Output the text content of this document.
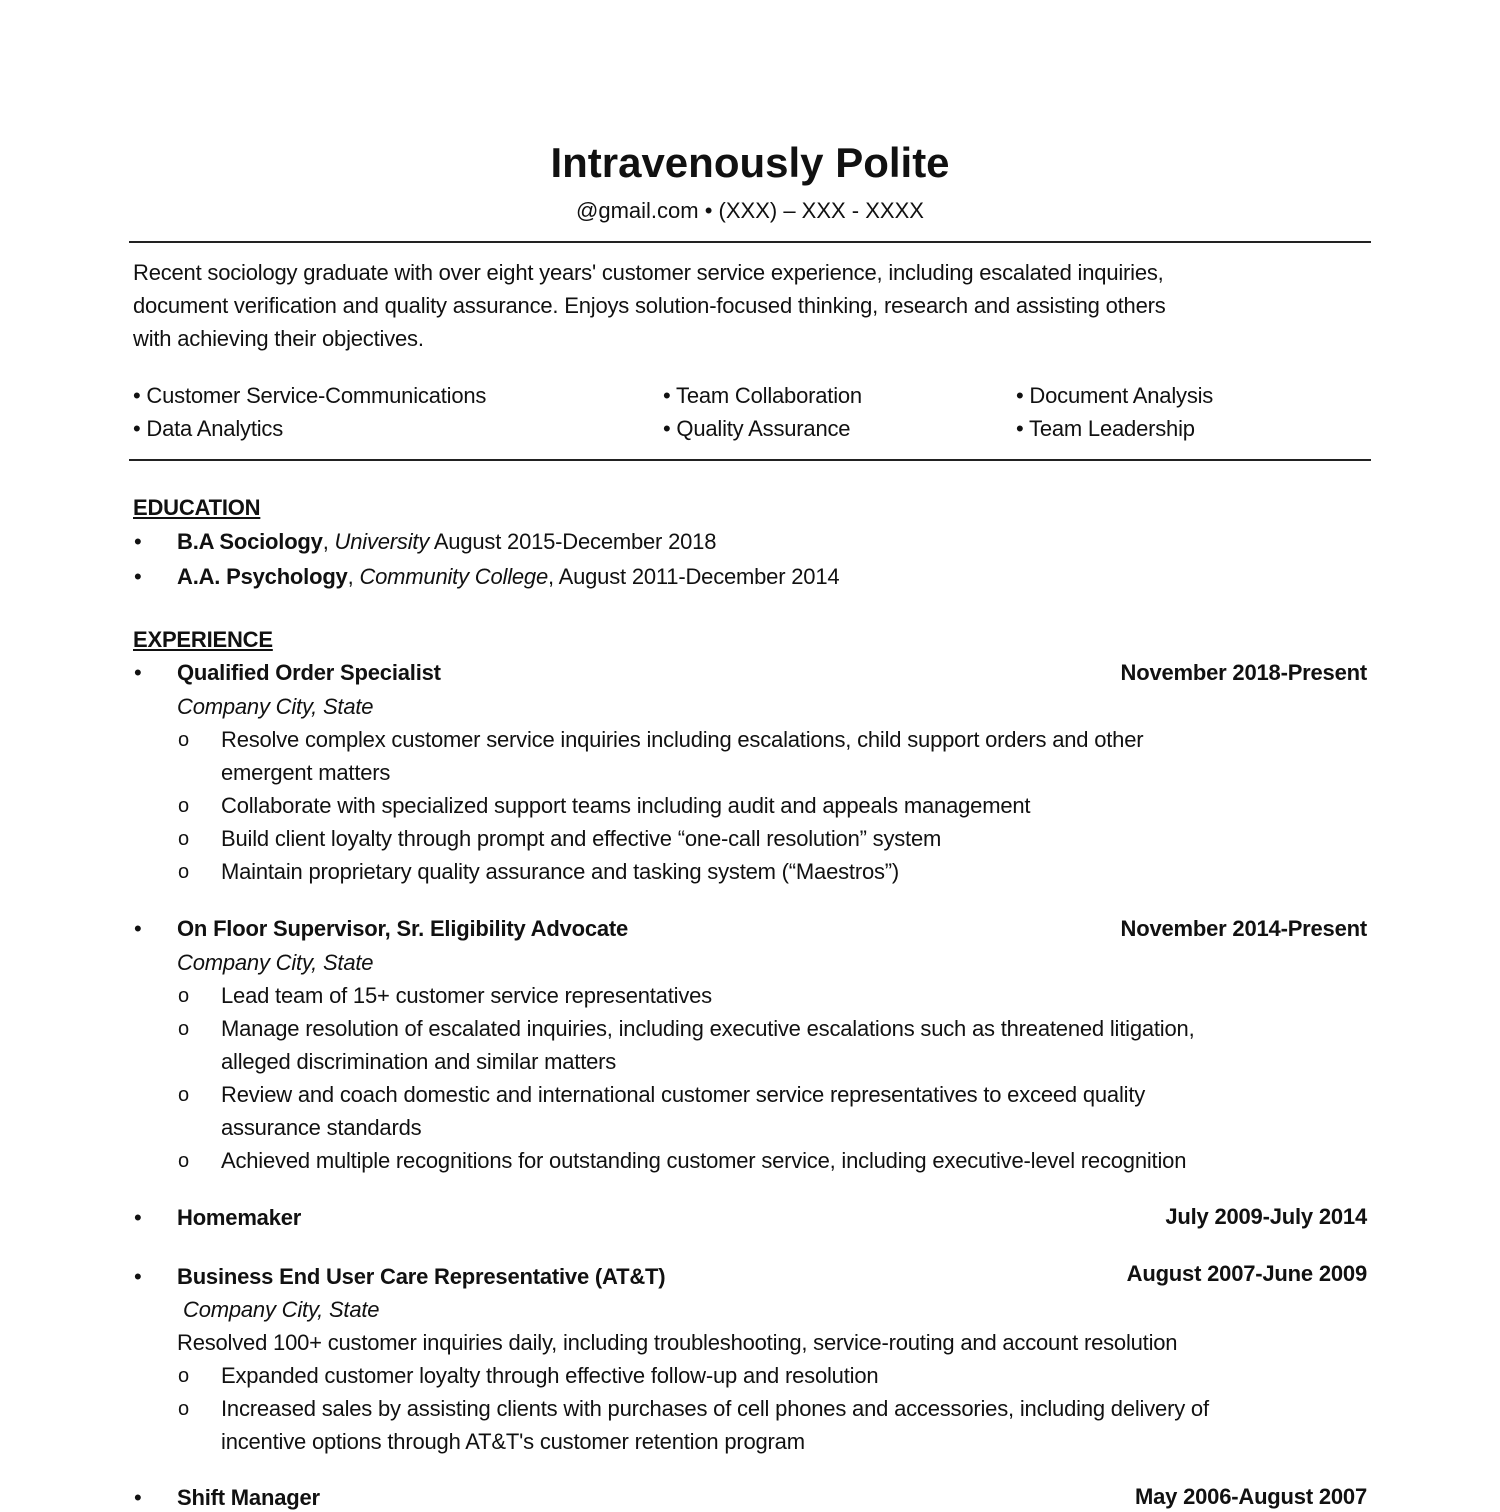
Intravenously Polite
@gmail.com • (XXX) – XXX - XXXX
Recent sociology graduate with over eight years' customer service experience, including escalated inquiries,
document verification and quality assurance. Enjoys solution-focused thinking, research and assisting others
with achieving their objectives.
• Customer Service-Communications	• Team Collaboration	• Document Analysis
• Data Analytics	• Quality Assurance	• Team Leadership
EDUCATION
• B.A Sociology, University August 2015-December 2018
• A.A. Psychology, Community College, August 2011-December 2014
EXPERIENCE
• Qualified Order Specialist	November 2018-Present
Company City, State
o Resolve complex customer service inquiries including escalations, child support orders and other
emergent matters
o Collaborate with specialized support teams including audit and appeals management
o Build client loyalty through prompt and effective “one-call resolution” system
o Maintain proprietary quality assurance and tasking system (“Maestros”)
• On Floor Supervisor, Sr. Eligibility Advocate	November 2014-Present
Company City, State
o Lead team of 15+ customer service representatives
o Manage resolution of escalated inquiries, including executive escalations such as threatened litigation,
alleged discrimination and similar matters
o Review and coach domestic and international customer service representatives to exceed quality
assurance standards
o Achieved multiple recognitions for outstanding customer service, including executive-level recognition
• Homemaker	July 2009-July 2014
• Business End User Care Representative (AT&T)	August 2007-June 2009
Company City, State
Resolved 100+ customer inquiries daily, including troubleshooting, service-routing and account resolution
o Expanded customer loyalty through effective follow-up and resolution
o Increased sales by assisting clients with purchases of cell phones and accessories, including delivery of
incentive options through AT&T's customer retention program
• Shift Manager	May 2006-August 2007
